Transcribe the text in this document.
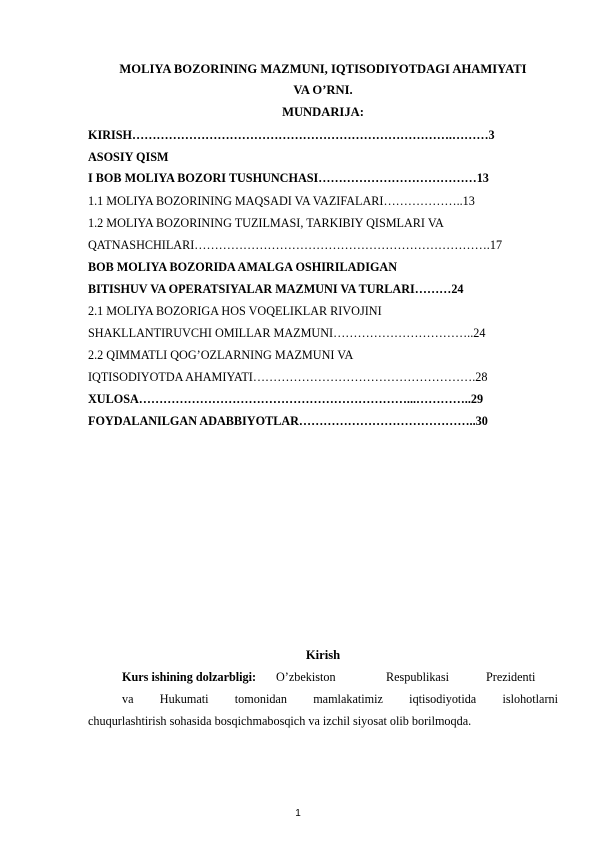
MOLIYA BOZORINING MAZMUNI, IQTISODIYOTDAGI AHAMIYATI
VA O’RNI.
MUNDARIJA:
KIRISH…………………………………………………………………….………3
ASOSIY QISM
I BOB MOLIYA BOZORI TUSHUNCHASI…………………………………13
1.1 MOLIYA BOZORINING MAQSADI VA VAZIFALARI………………..13
1.2 MOLIYA BOZORINING TUZILMASI, TARKIBIY QISMLARI VA
QATNASHCHILARI……………………………………………………………….17
BOB MOLIYA BOZORIDA AMALGA OSHIRILADIGAN
BITISHUV VA OPERATSIYALAR MAZMUNI VA TURLARI………24
2.1 MOLIYA BOZORIGA HOS VOQELIKLAR RIVOJINI
SHAKLLANTIRUVCHI OMILLAR MAZMUNI……………………………..24
2.2 QIMMATLI QOG’OZLARNING MAZMUNI VA
IQTISODIYOTDA AHAMIYATI……………………………………………….28
XULOSA…………………………………………………………...…………..29
FOYDALANILGAN ADABBIYOTLAR……………………………………..30
Kirish
Kurs ishining dolzarbligi: O’zbekiston	Respublikasi	Prezidenti
va Hukumati tomonidan mamlakatimiz iqtisodiyotida islohotlarni
chuqurlashtirish sohasida bosqichmabosqich va izchil siyosat olib borilmoqda.
1
